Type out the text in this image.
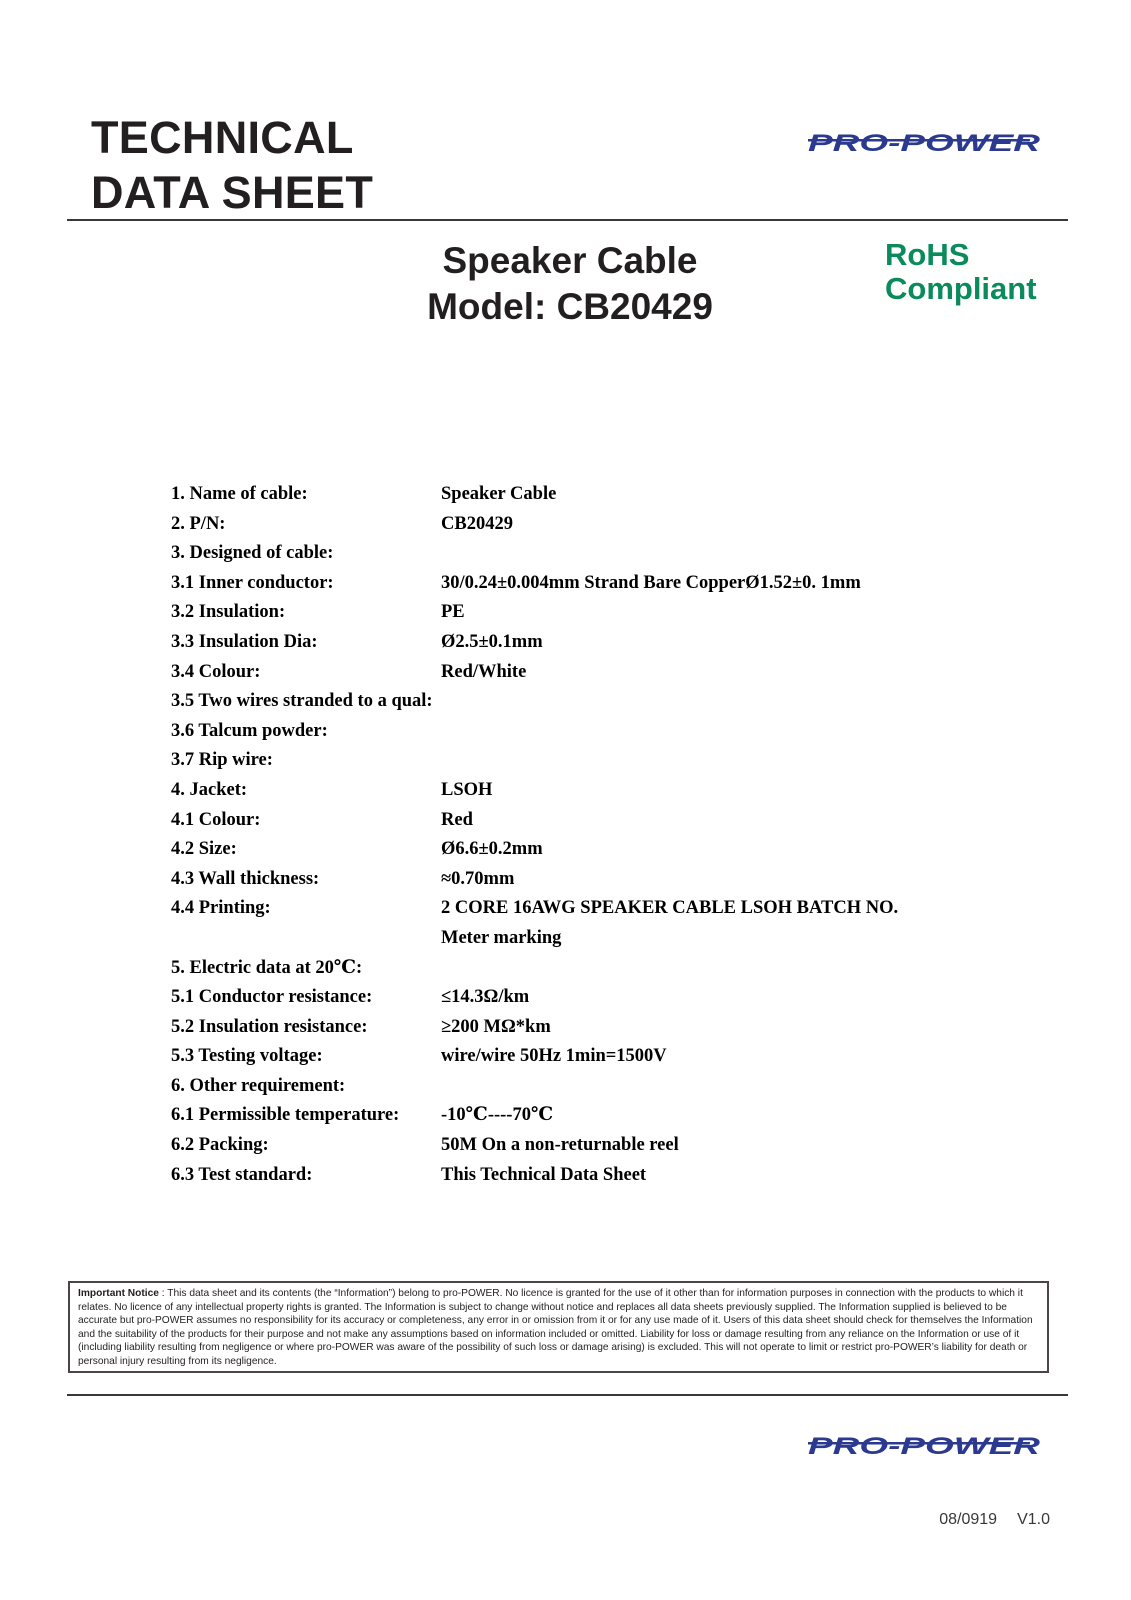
TECHNICAL
DATA SHEET
PRO-POWER
Speaker Cable
Model: CB20429
RoHS
Compliant
1. Name of cable:	Speaker Cable
2. P/N:	CB20429
3. Designed of cable:
3.1 Inner conductor:	30/0.24±0.004mm Strand Bare CopperØ1.52±0. 1mm
3.2 Insulation:	PE
3.3 Insulation Dia:	Ø2.5±0.1mm
3.4 Colour:	Red/White
3.5 Two wires stranded to a qual:
3.6 Talcum powder:
3.7 Rip wire:
4. Jacket:	LSOH
4.1 Colour:	Red
4.2 Size:	Ø6.6±0.2mm
4.3 Wall thickness:	≈0.70mm
4.4 Printing:	2 CORE 16AWG SPEAKER CABLE LSOH BATCH NO.
Meter marking
5. Electric data at 20℃:
5.1 Conductor resistance:	≤14.3Ω/km
5.2 Insulation resistance:	≥200 MΩ*km
5.3 Testing voltage:	wire/wire 50Hz 1min=1500V
6. Other requirement:
6.1 Permissible temperature: -10℃----70℃
6.2 Packing:	50M On a non-returnable reel
6.3 Test standard:	This Technical Data Sheet
Important Notice : This data sheet and its contents (the “Information”) belong to pro-POWER. No licence is granted for the use of it other than for information purposes in connection with the products to which it relates. No licence of any intellectual property rights is granted. The Information is subject to change without notice and replaces all data sheets previously supplied. The Information supplied is believed to be accurate but pro-POWER assumes no responsibility for its accuracy or completeness, any error in or omission from it or for any use made of it. Users of this data sheet should check for themselves the Information and the suitability of the products for their purpose and not make any assumptions based on information included or omitted. Liability for loss or damage resulting from any reliance on the Information or use of it (including liability resulting from negligence or where pro-POWER was aware of the possibility of such loss or damage arising) is excluded. This will not operate to limit or restrict pro-POWER’s liability for death or personal injury resulting from its negligence.
PRO-POWER
08/0919 V1.0
